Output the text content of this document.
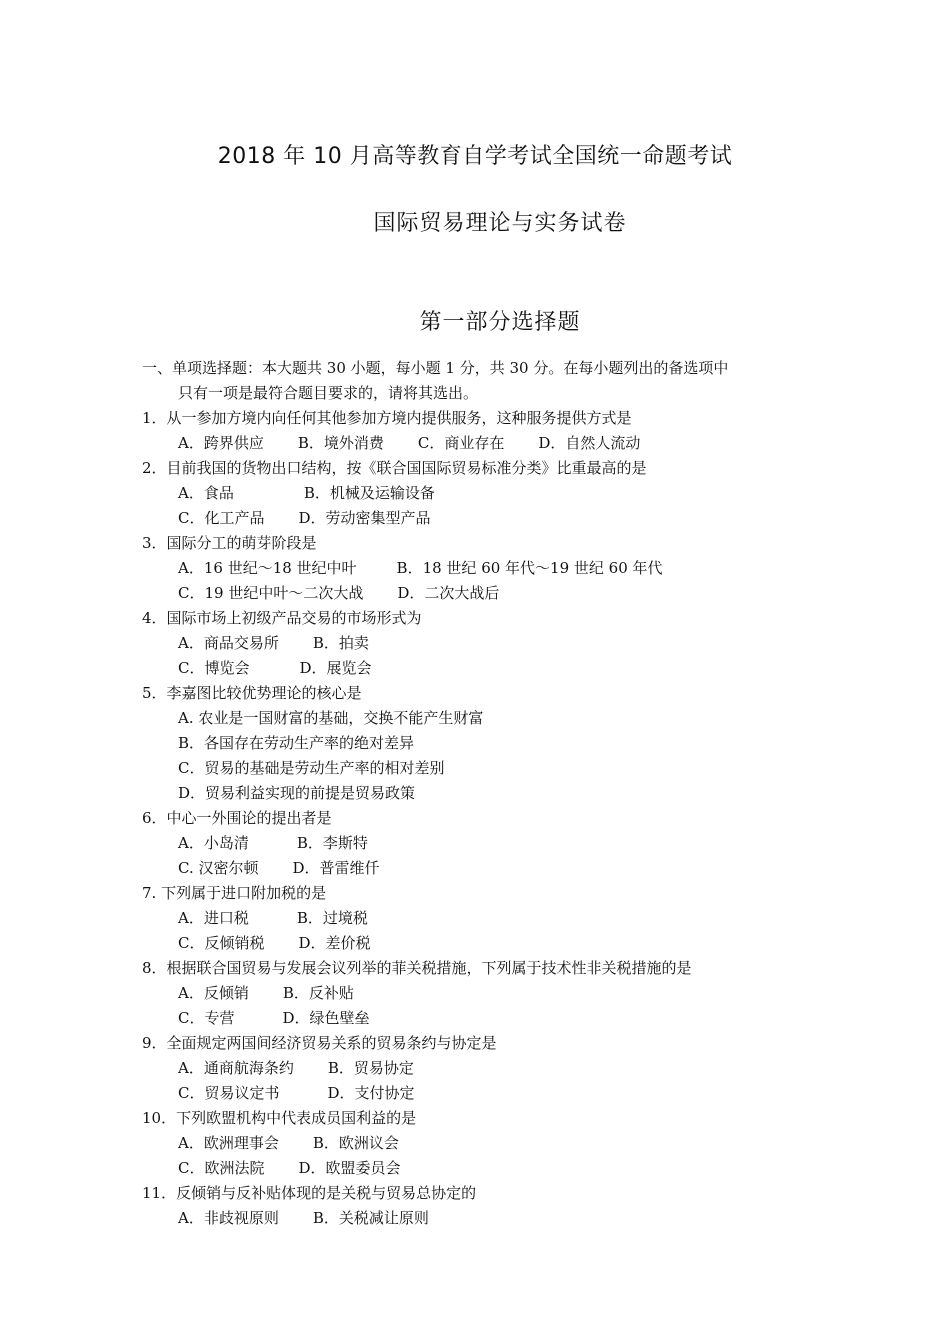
2018 年 10 月高等教育自学考试全国统一命题考试
国际贸易理论与实务试卷
第一部分选择题
一、单项选择题：本大题共 30 小题，每小题 1 分，共 30 分。在每小题列出的备选项中
只有一项是最符合题目要求的，请将其选出。
1．从一参加方境内向任何其他参加方境内提供服务，这种服务提供方式是
A．跨界供应 B．境外消费 C．商业存在 D．自然人流动
2．目前我国的货物出口结构，按《联合国国际贸易标准分类》比重最高的是
A．食品	B．机械及运输设备
C．化工产品 D．劳动密集型产品
3．国际分工的萌芽阶段是
A．16 世纪～18 世纪中叶	B．18 世纪 60 年代～19 世纪 60 年代
C．19 世纪中叶～二次大战 D．二次大战后
4．国际市场上初级产品交易的市场形式为
A．商品交易所 B．拍卖
C．博览会	D．展览会
5．李嘉图比较优势理论的核心是
A. 农业是一国财富的基础，交换不能产生财富
B．各国存在劳动生产率的绝对差异
C．贸易的基础是劳动生产率的相对差别
D．贸易利益实现的前提是贸易政策
6．中心一外围论的提出者是
A．小岛清	B．李斯特
C. 汉密尔顿 D．普雷维仟
7. 下列属于进口附加税的是
A．进口税	B．过境税
C．反倾销税 D．差价税
8．根据联合国贸易与发展会议列举的菲关税措施，下列属于技术性非关税措施的是
A．反倾销 B．反补贴
C．专营	D．绿色壁垒
9．全面规定两国间经济贸易关系的贸易条约与协定是
A．通商航海条约 B．贸易协定
C．贸易议定书	D．支付协定
10．下列欧盟机构中代表成员国利益的是
A．欧洲理事会 B．欧洲议会
C．欧洲法院 D．欧盟委员会
11．反倾销与反补贴体现的是关税与贸易总协定的
A．非歧视原则 B．关税减让原则
